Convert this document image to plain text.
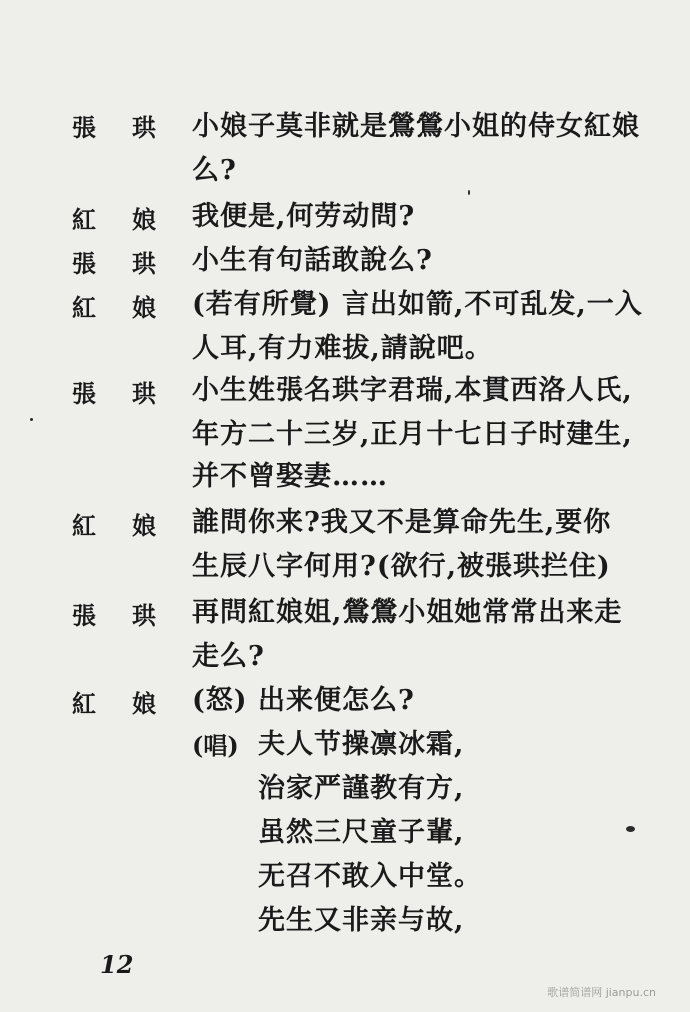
張珙 小娘子莫非就是鶯鶯小姐的侍女紅娘
么?
紅娘 我便是,何劳动問?
張珙 小生有句話敢說么?
紅娘 (若有所覺) 言出如箭,不可乱发,一入
人耳,有力难拔,請說吧。
張珙 小生姓張名珙字君瑞,本貫西洛人氏,
年方二十三岁,正月十七日子时建生,
并不曾娶妻……
紅娘 誰問你来?我又不是算命先生,要你
生辰八字何用?(欲行,被張珙拦住)
張珙 再問紅娘姐,鶯鶯小姐她常常出来走
走么?
紅娘 (怒) 出来便怎么?
(唱) 夫人节操凛冰霜,
治家严謹教有方,
虽然三尺童子輩,
无召不敢入中堂。
先生又非亲与故,
12
歌谱简谱网 jianpu.cn
